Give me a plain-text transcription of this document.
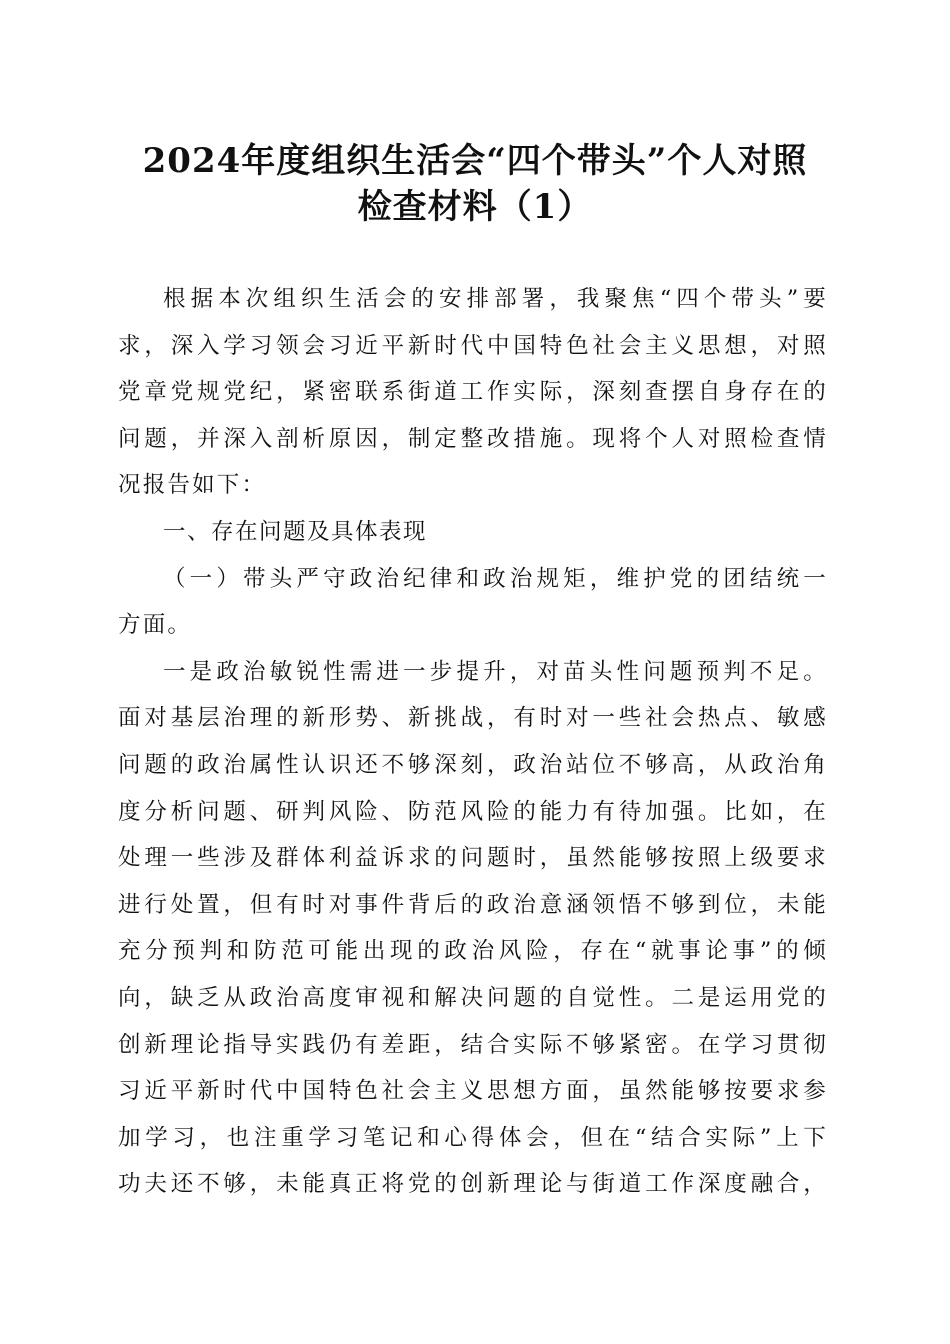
2024年度组织生活会“四个带头”个人对照
检查材料（1）
根据本次组织生活会的安排部署，我聚焦“四个带头”要
求，深入学习领会习近平新时代中国特色社会主义思想，对照
党章党规党纪，紧密联系街道工作实际，深刻查摆自身存在的
问题，并深入剖析原因，制定整改措施。现将个人对照检查情
况报告如下：
一、存在问题及具体表现
（一）带头严守政治纪律和政治规矩，维护党的团结统一
方面。
一是政治敏锐性需进一步提升，对苗头性问题预判不足。
面对基层治理的新形势、新挑战，有时对一些社会热点、敏感
问题的政治属性认识还不够深刻，政治站位不够高，从政治角
度分析问题、研判风险、防范风险的能力有待加强。比如，在
处理一些涉及群体利益诉求的问题时，虽然能够按照上级要求
进行处置，但有时对事件背后的政治意涵领悟不够到位，未能
充分预判和防范可能出现的政治风险，存在“就事论事”的倾
向，缺乏从政治高度审视和解决问题的自觉性。二是运用党的
创新理论指导实践仍有差距，结合实际不够紧密。在学习贯彻
习近平新时代中国特色社会主义思想方面，虽然能够按要求参
加学习，也注重学习笔记和心得体会，但在“结合实际”上下
功夫还不够，未能真正将党的创新理论与街道工作深度融合，
